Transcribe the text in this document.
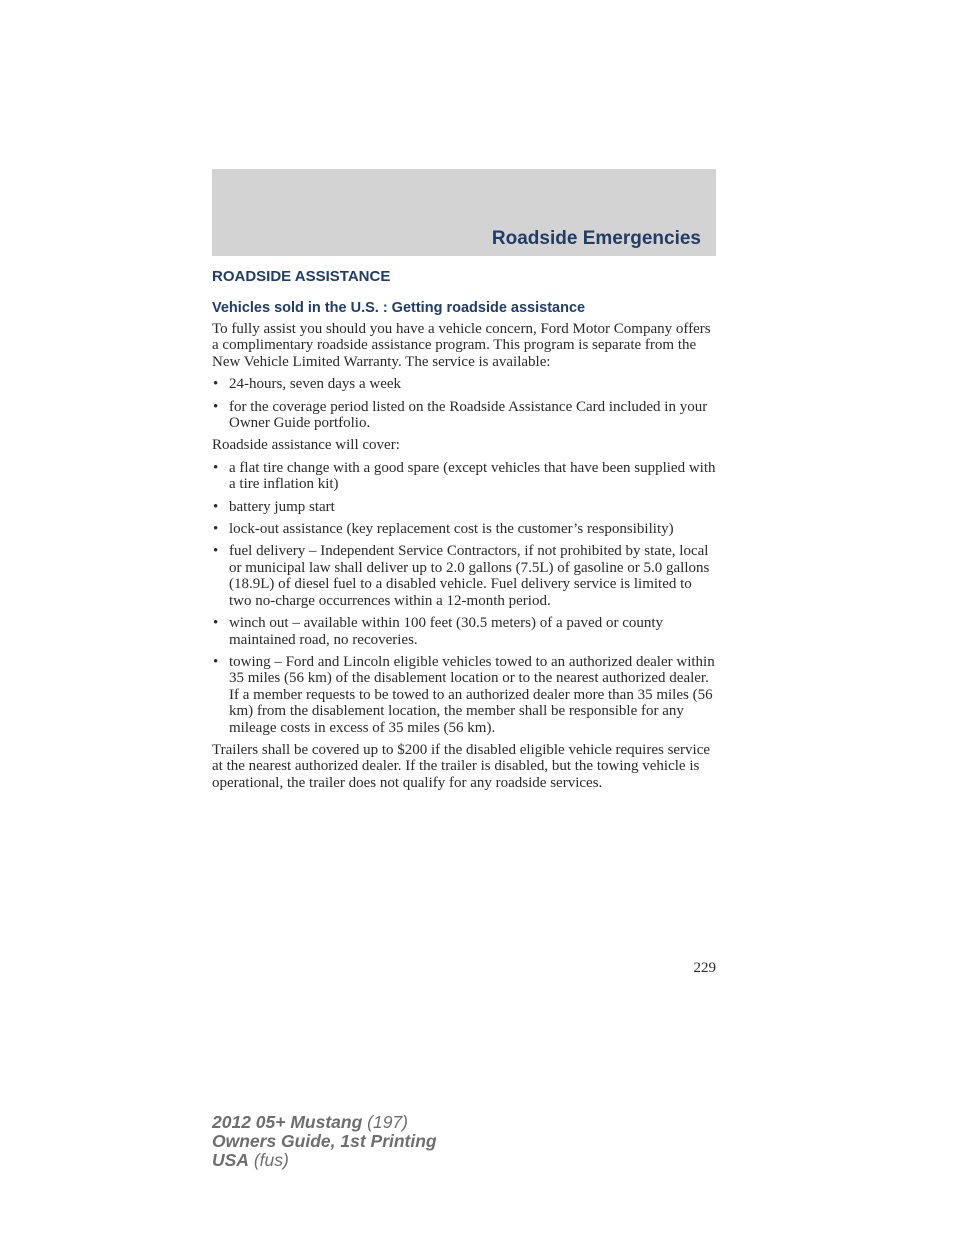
Roadside Emergencies
ROADSIDE ASSISTANCE
Vehicles sold in the U.S. : Getting roadside assistance

To fully assist you should you have a vehicle concern, Ford Motor Company offers a complimentary roadside assistance program. This program is separate from the New Vehicle Limited Warranty. The service is available:

• 24-hours, seven days a week
• for the coverage period listed on the Roadside Assistance Card included in your Owner Guide portfolio.

Roadside assistance will cover:

• a flat tire change with a good spare (except vehicles that have been supplied with a tire inflation kit)
• battery jump start
• lock-out assistance (key replacement cost is the customer’s responsibility)
• fuel delivery – Independent Service Contractors, if not prohibited by state, local or municipal law shall deliver up to 2.0 gallons (7.5L) of gasoline or 5.0 gallons (18.9L) of diesel fuel to a disabled vehicle. Fuel delivery service is limited to two no-charge occurrences within a 12-month period.
• winch out – available within 100 feet (30.5 meters) of a paved or county maintained road, no recoveries.
• towing – Ford and Lincoln eligible vehicles towed to an authorized dealer within 35 miles (56 km) of the disablement location or to the nearest authorized dealer. If a member requests to be towed to an authorized dealer more than 35 miles (56 km) from the disablement location, the member shall be responsible for any mileage costs in excess of 35 miles (56 km).

Trailers shall be covered up to $200 if the disabled eligible vehicle requires service at the nearest authorized dealer. If the trailer is disabled, but the towing vehicle is operational, the trailer does not qualify for any roadside services.

229

2012 05+ Mustang (197)
Owners Guide, 1st Printing
USA (fus)
